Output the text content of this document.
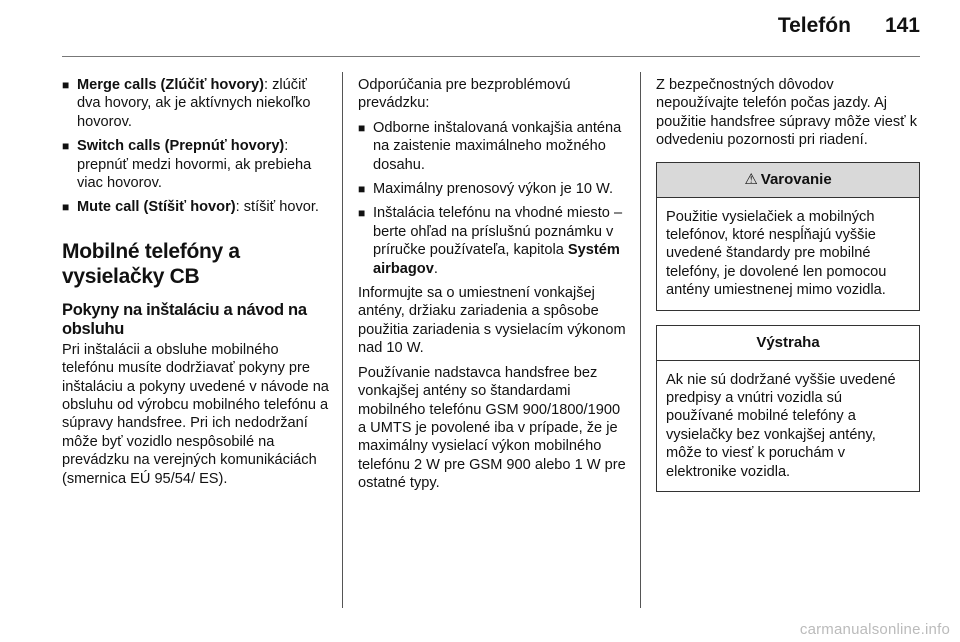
Telefón 141
■ Merge calls (Zlúčiť hovory): zlúčiť dva hovory, ak je aktívnych niekoľko hovorov.
■ Switch calls (Prepnúť hovory): prepnúť medzi hovormi, ak prebieha viac hovorov.
■ Mute call (Stíšiť hovor): stíšiť hovor.
Mobilné telefóny a vysielačky CB
Pokyny na inštaláciu a návod na obsluhu

Pri inštalácii a obsluhe mobilného telefónu musíte dodržiavať pokyny pre inštaláciu a pokyny uvedené v návode na obsluhu od výrobcu mobilného telefónu a súpravy handsfree. Pri ich nedodržaní môže byť vozidlo nespôsobilé na prevádzku na verejných komunikáciách (smernica EÚ 95/54/ ES).

Odporúčania pre bezproblémovú prevádzku:

■ Odborne inštalovaná vonkajšia anténa na zaistenie maximálneho možného dosahu.
■ Maximálny prenosový výkon je 10 W.
■ Inštalácia telefónu na vhodné miesto – berte ohľad na príslušnú poznámku v príručke používateľa, kapitola Systém airbagov.

Informujte sa o umiestnení vonkajšej antény, držiaku zariadenia a spôsobe použitia zariadenia s vysielacím výkonom nad 10 W.

Používanie nadstavca handsfree bez vonkajšej antény so štandardami mobilného telefónu GSM 900/1800/1900 a UMTS je povolené iba v prípade, že je maximálny vysielací výkon mobilného telefónu 2 W pre GSM 900 alebo 1 W pre ostatné typy.

Z bezpečnostných dôvodov nepoužívajte telefón počas jazdy. Aj použitie handsfree súpravy môže viesť k odvedeniu pozornosti pri riadení.

⚠ Varovanie
Použitie vysielačiek a mobilných telefónov, ktoré nespĺňajú vyššie uvedené štandardy pre mobilné telefóny, je dovolené len pomocou antény umiestnenej mimo vozidla.
Výstraha
Ak nie sú dodržané vyššie uvedené predpisy a vnútri vozidla sú používané mobilné telefóny a vysielačky bez vonkajšej antény, môže to viesť k poruchám v elektronike vozidla.
carmanualsonline.info
